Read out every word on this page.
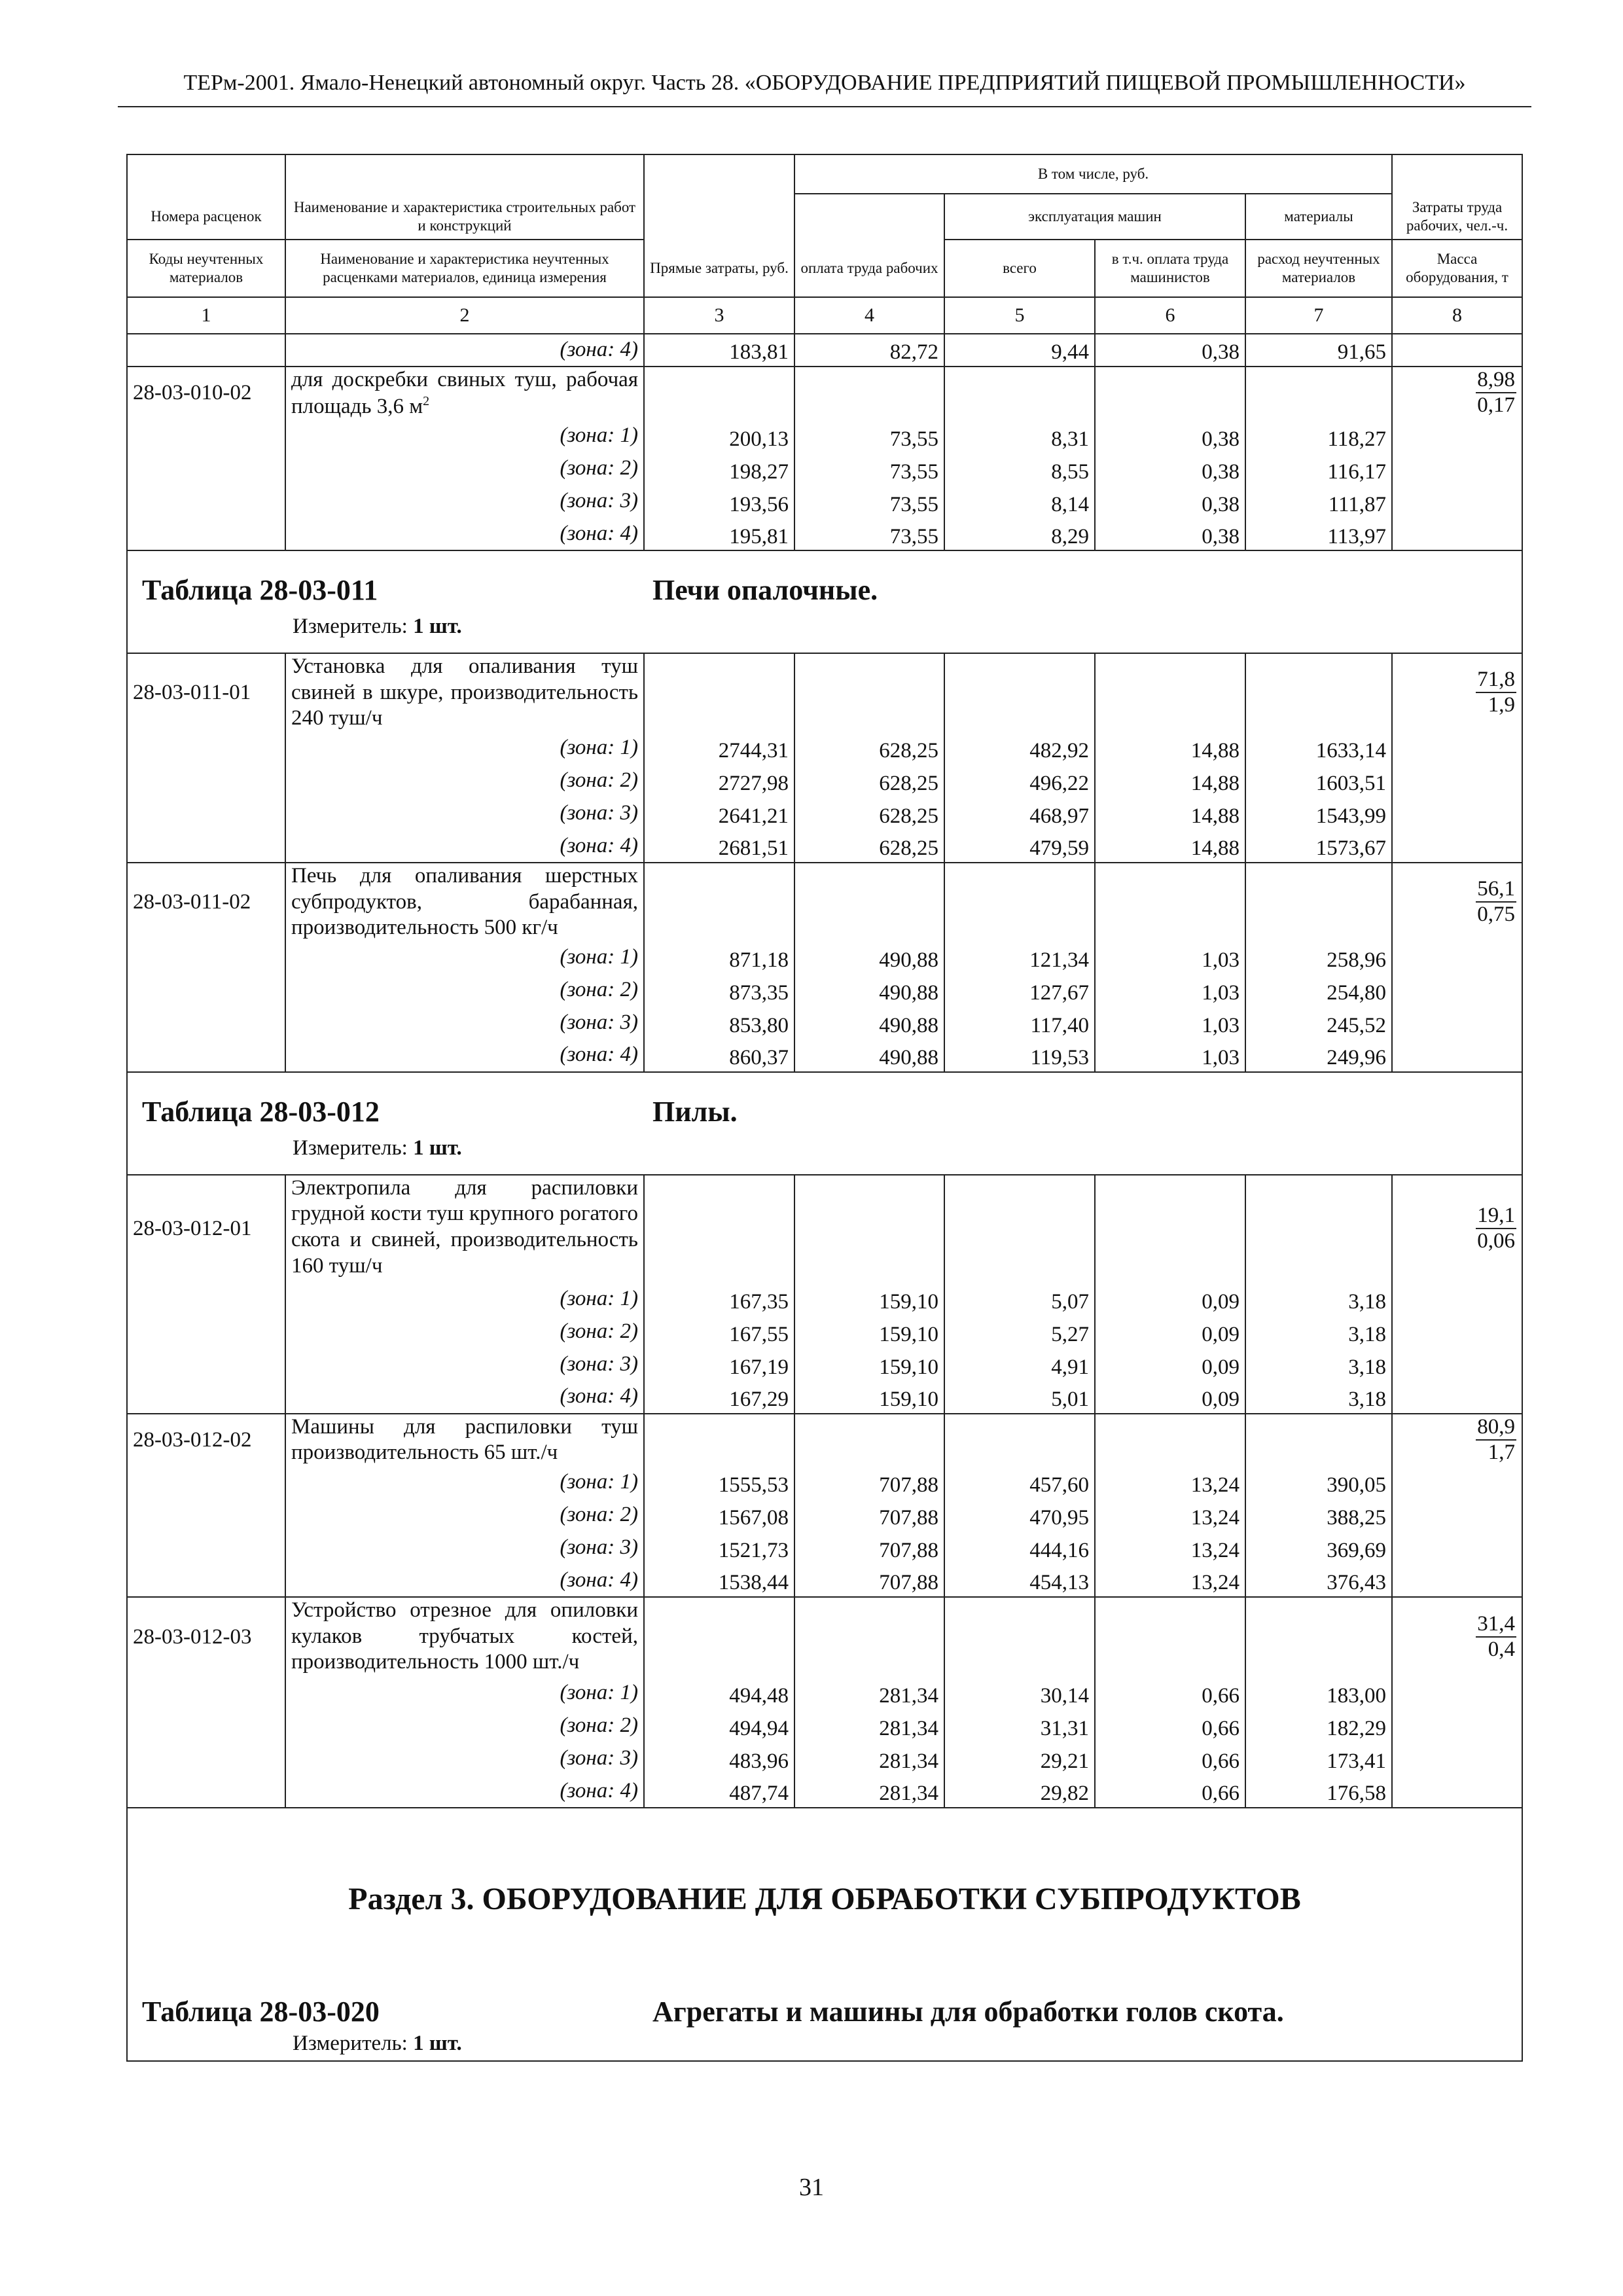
ТЕРм-2001. Ямало-Ненецкий автономный округ. Часть 28. «ОБОРУДОВАНИЕ ПРЕДПРИЯТИЙ ПИЩЕВОЙ ПРОМЫШЛЕННОСТИ»
			В том числе, руб.				
Номера расценок	Наименование и характеристика строительных работ и конструкций			эксплуатация машин		материалы	Затраты труда рабочих, чел.-ч.
Коды неучтенных материалов	Наименование и характеристика неучтенных расценками материалов, единица измерения	Прямые затраты, руб.	оплата труда рабочих	всего	в т.ч. оплата труда машинистов	расход неучтенных материалов	Масса оборудования, т
1	2	3	4	5	6	7	8
	(зона: 4)	183,81	82,72	9,44	0,38	91,65	
28-03-010-02	для доскребки свиных туш, рабочая площадь 3,6 $м^2$						$\frac{8,98}{0,17}$

	(зона: 1)	200,13	73,55	8,31	0,38	118,27	
	(зона: 2)	198,27	73,55	8,55	0,38	116,17	
	(зона: 3)	193,56	73,55	8,14	0,38	111,87	
	(зона: 4)	195,81	73,55	8,29	0,38	113,97	

Таблица 28-03-011 Печи опалочные.
Измеритель: 1 шт.							

28-03-011-01	Установка для опаливания туш свиней в шкуре, производительность 240 туш/ч						$\frac{71,8}{1,9}$

	(зона: 1)	2744,31	628,25	482,92	14,88	1633,14	
	(зона: 2)	2727,98	628,25	496,22	14,88	1603,51	
	(зона: 3)	2641,21	628,25	468,97	14,88	1543,99	
	(зона: 4)	2681,51	628,25	479,59	14,88	1573,67	
28-03-011-02	Печь для опаливания шерстных субпродуктов, барабанная, производительность 500 кг/ч						$\frac{56,1}{0,75}$

	(зона: 1)	871,18	490,88	121,34	1,03	258,96	
	(зона: 2)	873,35	490,88	127,67	1,03	254,80	
	(зона: 3)	853,80	490,88	117,40	1,03	245,52	
	(зона: 4)	860,37	490,88	119,53	1,03	249,96	

Таблица 28-03-012 Пилы.
Измеритель: 1 шт.							

28-03-012-01	Электропила для распиловки грудной кости туш крупного рогатого скота и свиней, производительность 160 туш/ч						$\frac{19,1}{0,06}$

	(зона: 1)	167,35	159,10	5,07	0,09	3,18	
	(зона: 2)	167,55	159,10	5,27	0,09	3,18	
	(зона: 3)	167,19	159,10	4,91	0,09	3,18	
	(зона: 4)	167,29	159,10	5,01	0,09	3,18	
28-03-012-02	Машины для распиловки туш производительность 65 шт./ч						$\frac{80,9}{1,7}$

	(зона: 1)	1555,53	707,88	457,60	13,24	390,05	
	(зона: 2)	1567,08	707,88	470,95	13,24	388,25	
	(зона: 3)	1521,73	707,88	444,16	13,24	369,69	
	(зона: 4)	1538,44	707,88	454,13	13,24	376,43	
28-03-012-03	Устройство отрезное для опиловки кулаков трубчатых костей, производительность 1000 шт./ч						$\frac{31,4}{0,4}$

	(зона: 1)	494,48	281,34	30,14	0,66	183,00	
	(зона: 2)	494,94	281,34	31,31	0,66	182,29	
	(зона: 3)	483,96	281,34	29,21	0,66	173,41	
	(зона: 4)	487,74	281,34	29,82	0,66	176,58	

Раздел 3. ОБОРУДОВАНИЕ ДЛЯ ОБРАБОТКИ СУБПРОДУКТОВ
Таблица 28-03-020 Агрегаты и машины для обработки голов скота.
Измеритель: 1 шт.							
31
